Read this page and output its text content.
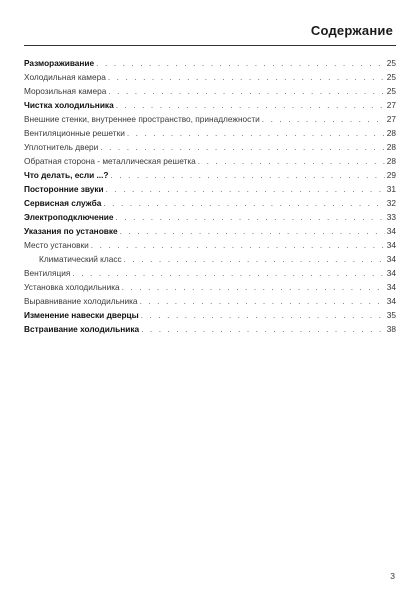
Содержание
Размораживание . . .	25
Холодильная камера . . .	25
Морозильная камера . . .	25
Чистка холодильника . . .	27
Внешние стенки, внутреннее пространство, принадлежности . . .	27
Вентиляционные решетки . . .	28
Уплотнитель двери . . .	28
Обратная сторона - металлическая решетка . . .	28
Что делать, если ...? . . .	29
Посторонние звуки . . .	31
Сервисная служба . . .	32
Электроподключение . . .	33
Указания по установке . . .	34
Место установки . . .	34
Климатический класс . . .	34
Вентиляция . . .	34
Установка холодильника . . .	34
Выравнивание холодильника . . .	34
Изменение навески дверцы . . .	35
Встраивание холодильника . . .	38
3
